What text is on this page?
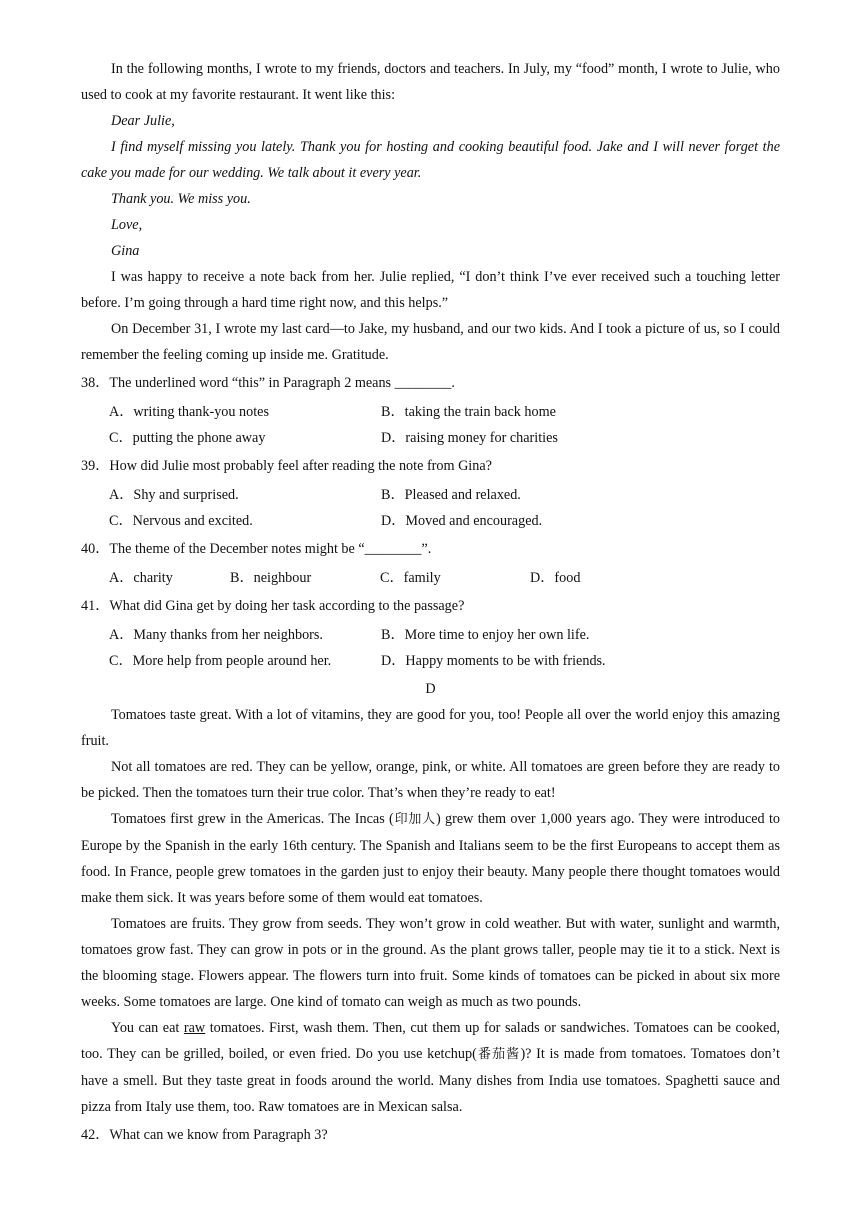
In the following months, I wrote to my friends, doctors and teachers. In July, my “food” month, I wrote to Julie, who used to cook at my favorite restaurant. It went like this:

Dear Julie,

I find myself missing you lately. Thank you for hosting and cooking beautiful food. Jake and I will never forget the cake you made for our wedding. We talk about it every year.

Thank you. We miss you.

Love,

Gina

I was happy to receive a note back from her. Julie replied, “I don’t think I’ve ever received such a touching letter before. I’m going through a hard time right now, and this helps.”

On December 31, I wrote my last card—to Jake, my husband, and our two kids. And I took a picture of us, so I could remember the feeling coming up inside me. Gratitude.

38．The underlined word “this” in Paragraph 2 means ________.
A．writing thank-you notes	B．taking the train back home
C．putting the phone away	D．raising money for charities
39．How did Julie most probably feel after reading the note from Gina?
A．Shy and surprised.	B．Pleased and relaxed.
C．Nervous and excited.	D．Moved and encouraged.
40．The theme of the December notes might be “________”.
A．charity	B．neighbour	C．family	D．food
41．What did Gina get by doing her task according to the passage?
A．Many thanks from her neighbors.	B．More time to enjoy her own life.
C．More help from people around her.	D．Happy moments to be with friends.
D

Tomatoes taste great. With a lot of vitamins, they are good for you, too! People all over the world enjoy this amazing fruit.

Not all tomatoes are red. They can be yellow, orange, pink, or white. All tomatoes are green before they are ready to be picked. Then the tomatoes turn their true color. That’s when they’re ready to eat!

Tomatoes first grew in the Americas. The Incas (印加人) grew them over 1,000 years ago. They were introduced to Europe by the Spanish in the early 16th century. The Spanish and Italians seem to be the first Europeans to accept them as food. In France, people grew tomatoes in the garden just to enjoy their beauty. Many people there thought tomatoes would make them sick. It was years before some of them would eat tomatoes.

Tomatoes are fruits. They grow from seeds. They won’t grow in cold weather. But with water, sunlight and warmth, tomatoes grow fast. They can grow in pots or in the ground. As the plant grows taller, people may tie it to a stick. Next is the blooming stage. Flowers appear. The flowers turn into fruit. Some kinds of tomatoes can be picked in about six more weeks. Some tomatoes are large. One kind of tomato can weigh as much as two pounds.

You can eat raw tomatoes. First, wash them. Then, cut them up for salads or sandwiches. Tomatoes can be cooked, too. They can be grilled, boiled, or even fried. Do you use ketchup(番茄酱)? It is made from tomatoes. Tomatoes don’t have a smell. But they taste great in foods around the world. Many dishes from India use tomatoes. Spaghetti sauce and pizza from Italy use them, too. Raw tomatoes are in Mexican salsa.

42．What can we know from Paragraph 3?
